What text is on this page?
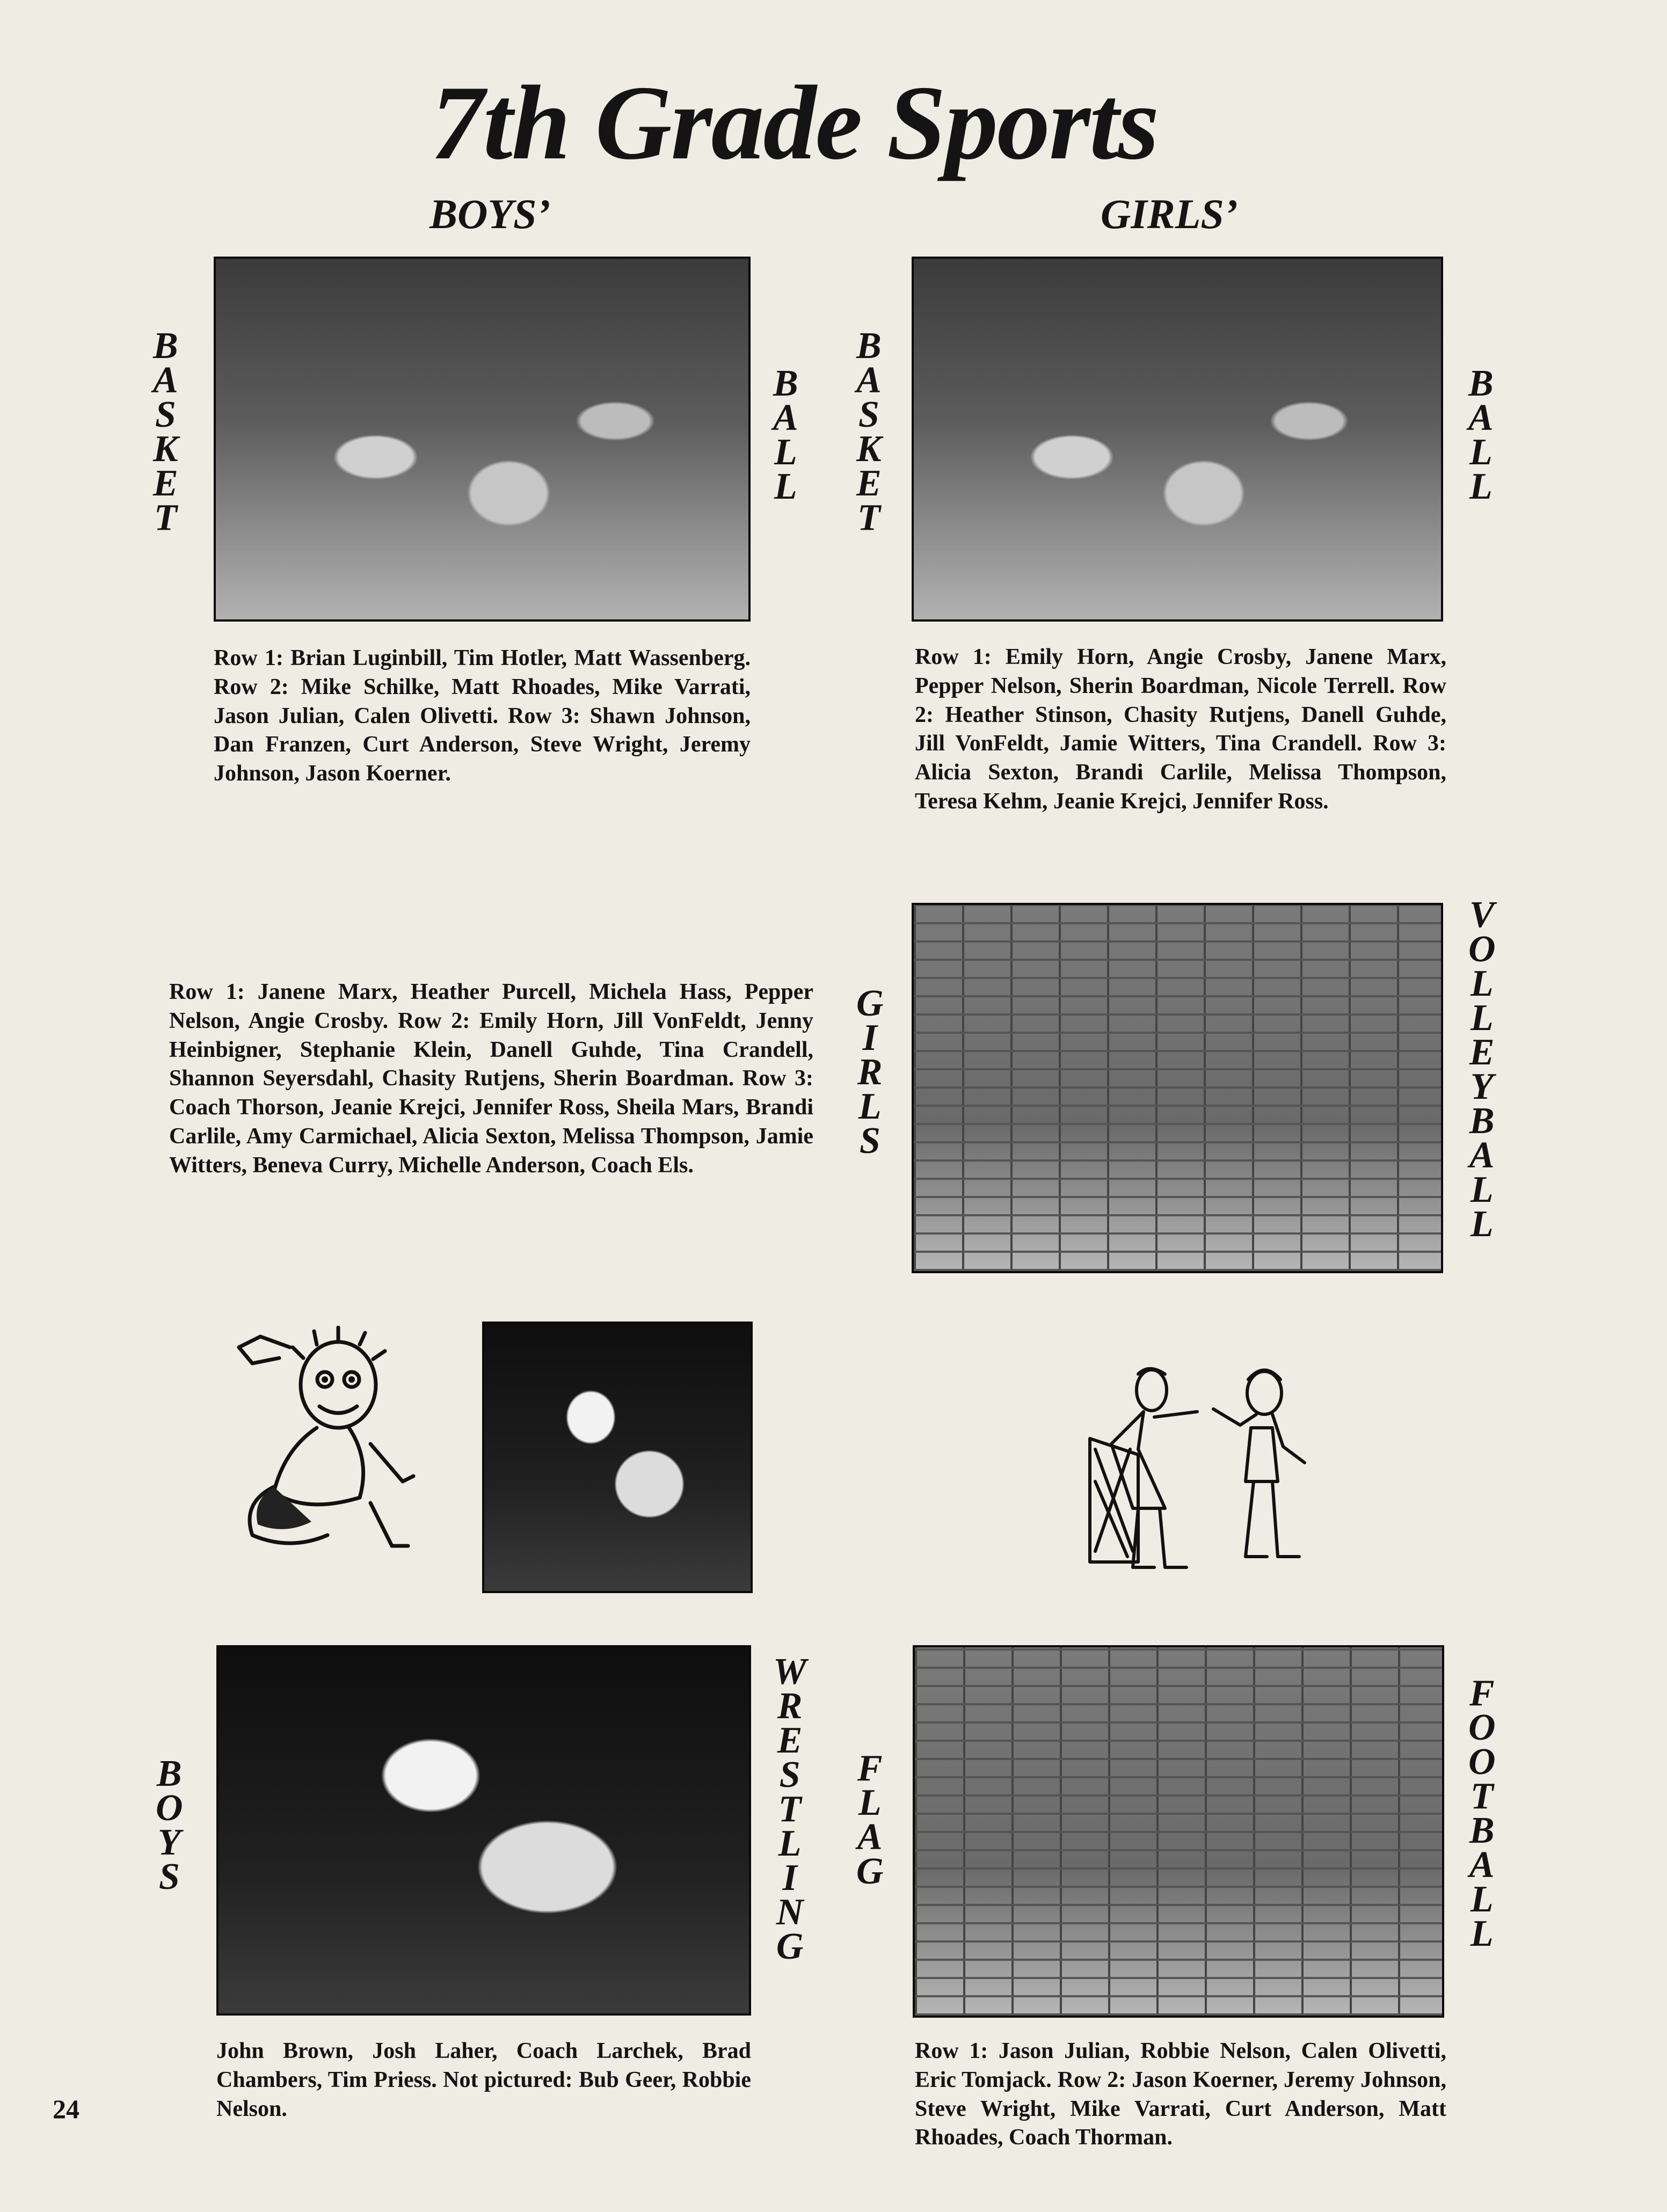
7th Grade Sports
BOYS’	GIRLS’
B
A
S
K
E
T
B
A
L
L
Row 1: Brian Luginbill, Tim Hotler, Matt Wassenberg. Row 2: Mike Schilke, Matt Rhoades, Mike Varrati, Jason Julian, Calen Olivetti. Row 3: Shawn Johnson, Dan Franzen, Curt Anderson, Steve Wright, Jeremy Johnson, Jason Koerner.
B
A
S
K
E
T
B
A
L
L
Row 1: Emily Horn, Angie Crosby, Janene Marx, Pepper Nelson, Sherin Boardman, Nicole Terrell. Row 2: Heather Stinson, Chasity Rutjens, Danell Guhde, Jill VonFeldt, Jamie Witters, Tina Crandell. Row 3: Alicia Sexton, Brandi Carlile, Melissa Thompson, Teresa Kehm, Jeanie Krejci, Jennifer Ross.
Row 1: Janene Marx, Heather Purcell, Michela Hass, Pepper Nelson, Angie Crosby. Row 2: Emily Horn, Jill VonFeldt, Jenny Heinbigner, Stephanie Klein, Danell Guhde, Tina Crandell, Shannon Seyersdahl, Chasity Rutjens, Sherin Boardman. Row 3: Coach Thorson, Jeanie Krejci, Jennifer Ross, Sheila Mars, Brandi Carlile, Amy Carmichael, Alicia Sexton, Melissa Thompson, Jamie Witters, Beneva Curry, Michelle Anderson, Coach Els.
G
I
R
L
S
V
O
L
L
E
Y
B
A
L
L
B
O
Y
S
W
R
E
S
T
L
I
N
G
John Brown, Josh Laher, Coach Larchek, Brad Chambers, Tim Priess. Not pictured: Bub Geer, Robbie Nelson.
F
L
A
G
F
O
O
T
B
A
L
L
Row 1: Jason Julian, Robbie Nelson, Calen Olivetti, Eric Tomjack. Row 2: Jason Koerner, Jeremy Johnson, Steve Wright, Mike Varrati, Curt Anderson, Matt Rhoades, Coach Thorman.
24
